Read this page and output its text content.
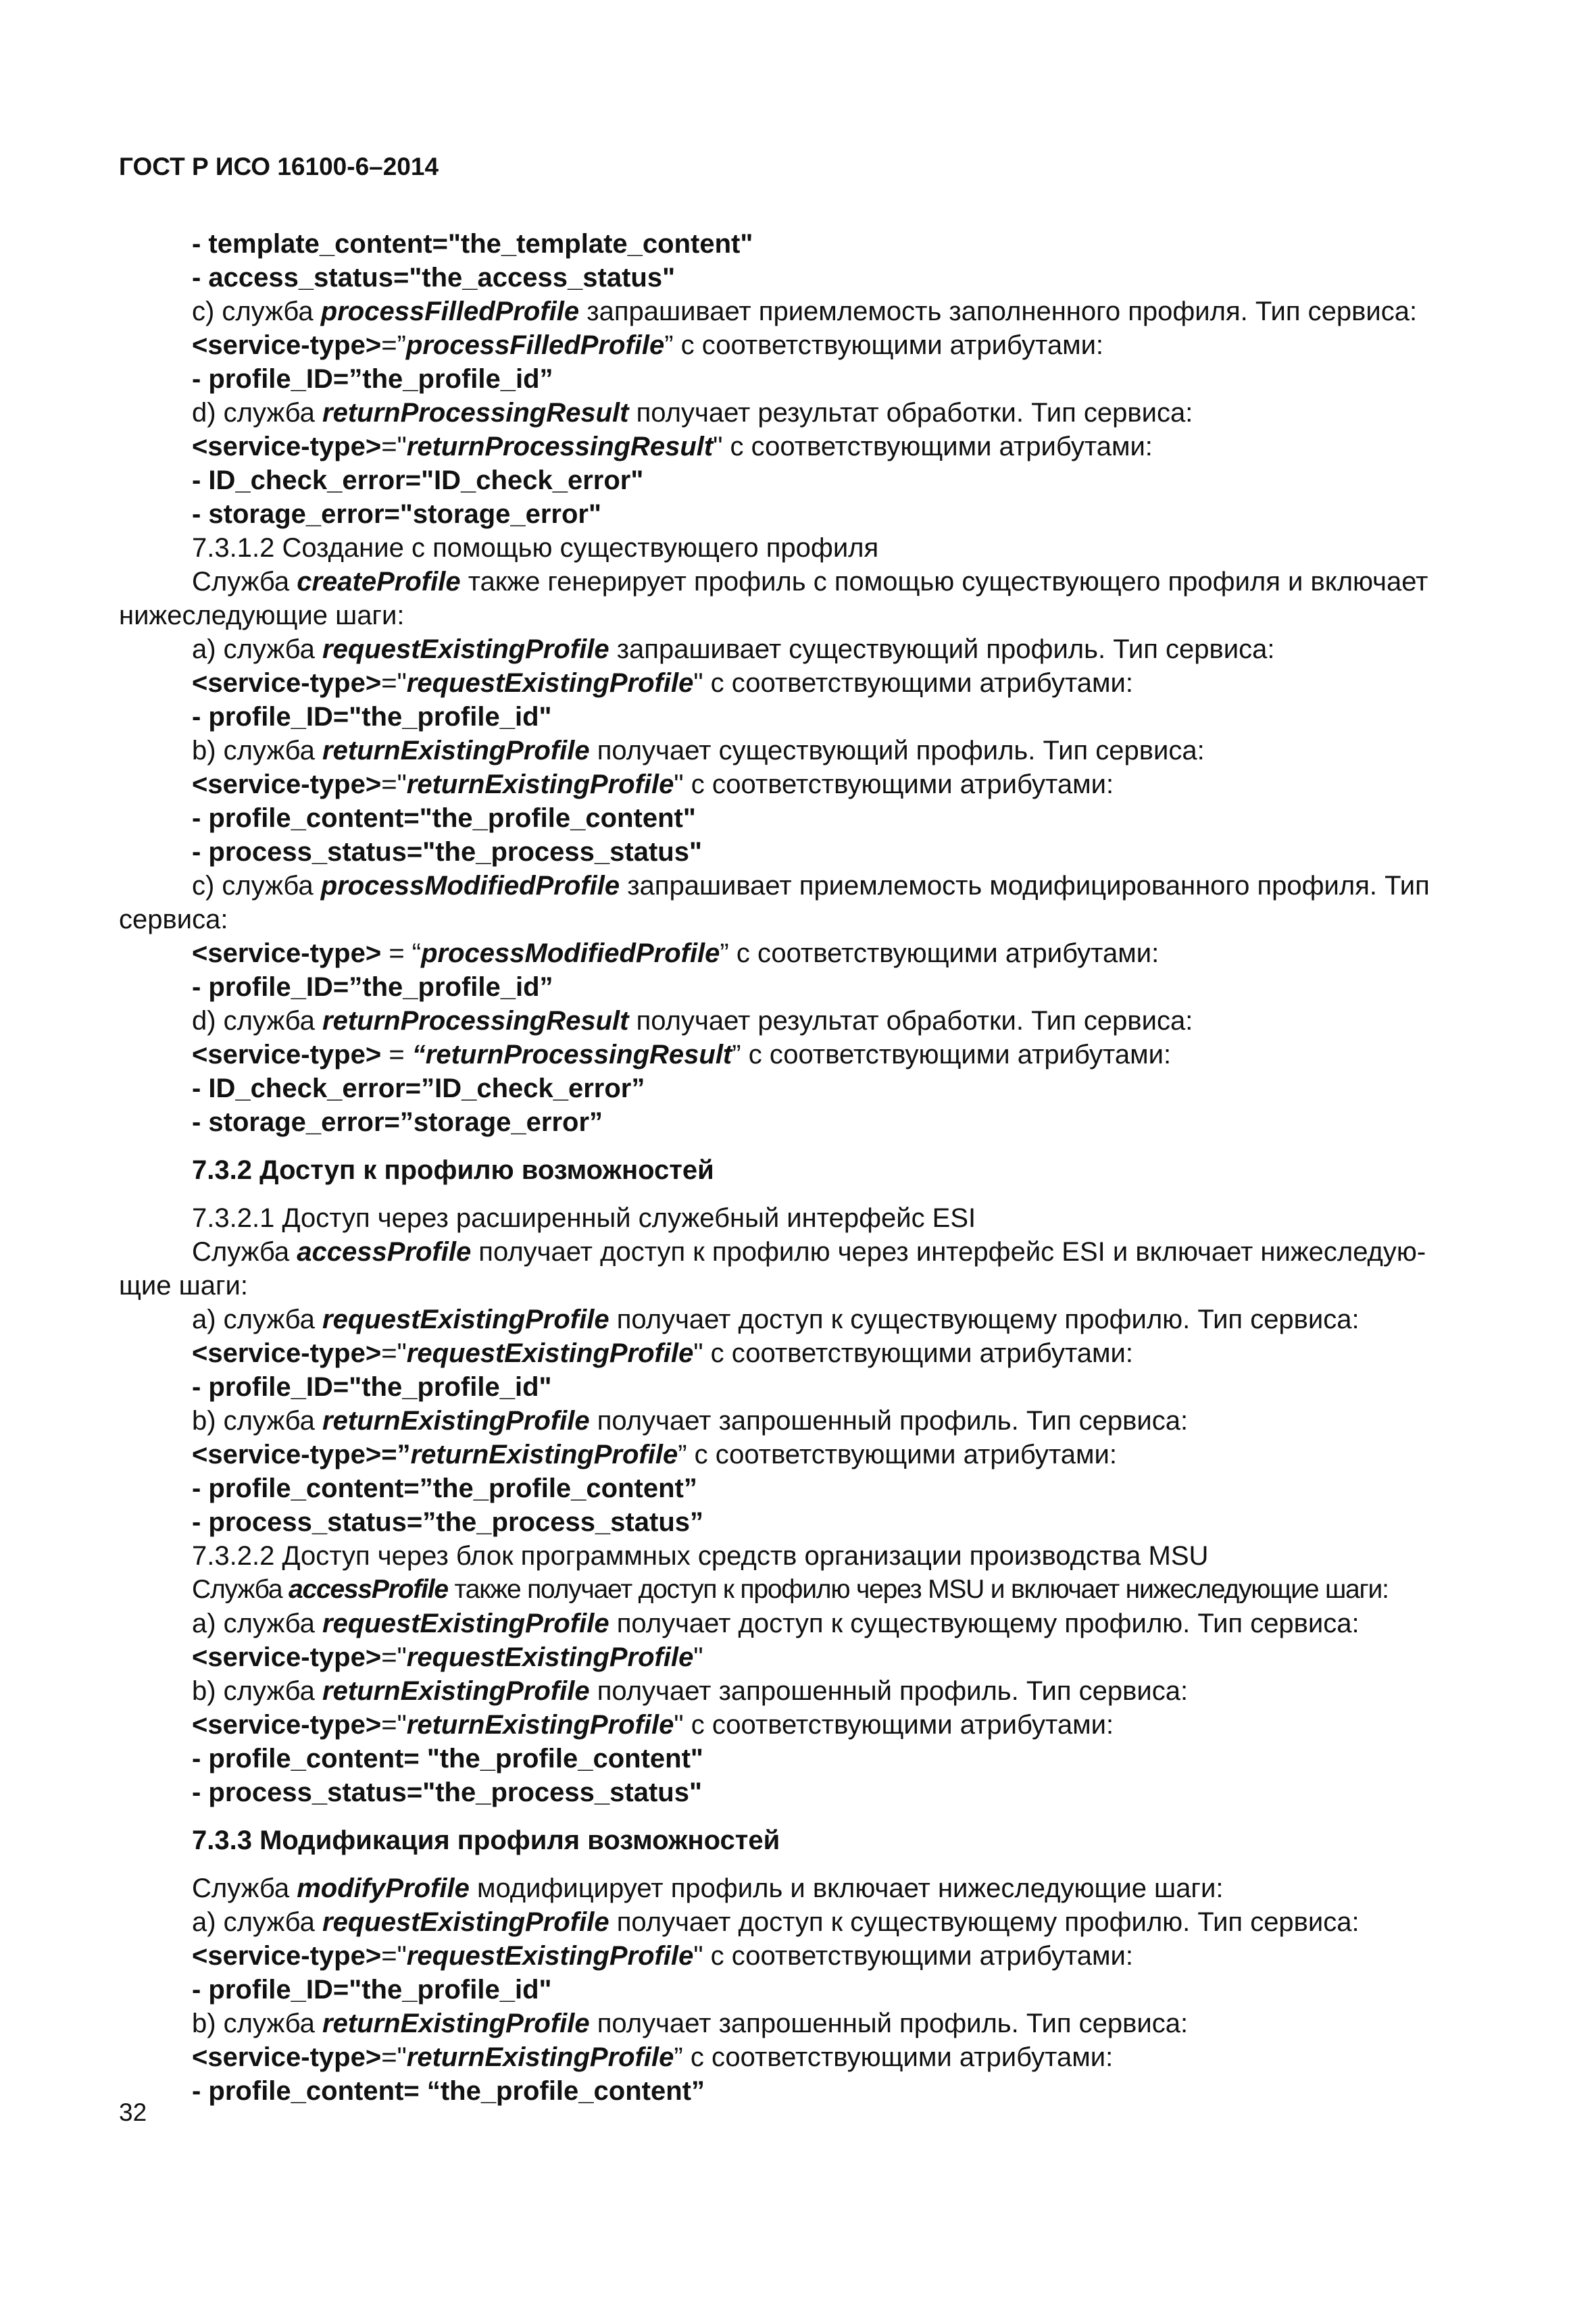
ГОСТ Р ИСО 16100-6–2014
- template_content="the_template_content"
- access_status="the_access_status"
c) служба processFilledProfile запрашивает приемлемость заполненного профиля. Тип сервиса:
<service-type>=”processFilledProfile” с соответствующими атрибутами:
- profile_ID=”the_profile_id”
d) служба returnProcessingResult получает результат обработки. Тип сервиса:
<service-type>="returnProcessingResult" с соответствующими атрибутами:
- ID_check_error="ID_check_error"
- storage_error="storage_error"
7.3.1.2 Создание с помощью существующего профиля
Служба createProfile также генерирует профиль с помощью существующего профиля и включает
нижеследующие шаги:
a) служба requestExistingProfile запрашивает существующий профиль. Тип сервиса:
<service-type>="requestExistingProfile" с соответствующими атрибутами:
- profile_ID="the_profile_id"
b) служба returnExistingProfile получает существующий профиль. Тип сервиса:
<service-type>="returnExistingProfile" с соответствующими атрибутами:
- profile_content="the_profile_content"
- process_status="the_process_status"
c) служба processModifiedProfile запрашивает приемлемость модифицированного профиля. Тип
сервиса:
<service-type> = “processModifiedProfile” с соответствующими атрибутами:
- profile_ID=”the_profile_id”
d) служба returnProcessingResult получает результат обработки. Тип сервиса:
<service-type> = “returnProcessingResult” с соответствующими атрибутами:
- ID_check_error=”ID_check_error”
- storage_error=”storage_error”
7.3.2 Доступ к профилю возможностей
7.3.2.1 Доступ через расширенный служебный интерфейс ESI
Служба accessProfile получает доступ к профилю через интерфейс ESI и включает нижеследую-
щие шаги:
a) служба requestExistingProfile получает доступ к существующему профилю. Тип сервиса:
<service-type>="requestExistingProfile" с соответствующими атрибутами:
- profile_ID="the_profile_id"
b) служба returnExistingProfile получает запрошенный профиль. Тип сервиса:
<service-type>=”returnExistingProfile” с соответствующими атрибутами:
- profile_content=”the_profile_content”
- process_status=”the_process_status”
7.3.2.2 Доступ через блок программных средств организации производства MSU
Служба accessProfile также получает доступ к профилю через MSU и включает нижеследующие шаги:
a) служба requestExistingProfile получает доступ к существующему профилю. Тип сервиса:
<service-type>="requestExistingProfile"
b) служба returnExistingProfile получает запрошенный профиль. Тип сервиса:
<service-type>="returnExistingProfile" с соответствующими атрибутами:
- profile_content= "the_profile_content"
- process_status="the_process_status"
7.3.3 Модификация профиля возможностей
Служба modifyProfile модифицирует профиль и включает нижеследующие шаги:
a) служба requestExistingProfile получает доступ к существующему профилю. Тип сервиса:
<service-type>="requestExistingProfile" с соответствующими атрибутами:
- profile_ID="the_profile_id"
b) служба returnExistingProfile получает запрошенный профиль. Тип сервиса:
<service-type>="returnExistingProfile” с соответствующими атрибутами:
- profile_content= “the_profile_content”
32
